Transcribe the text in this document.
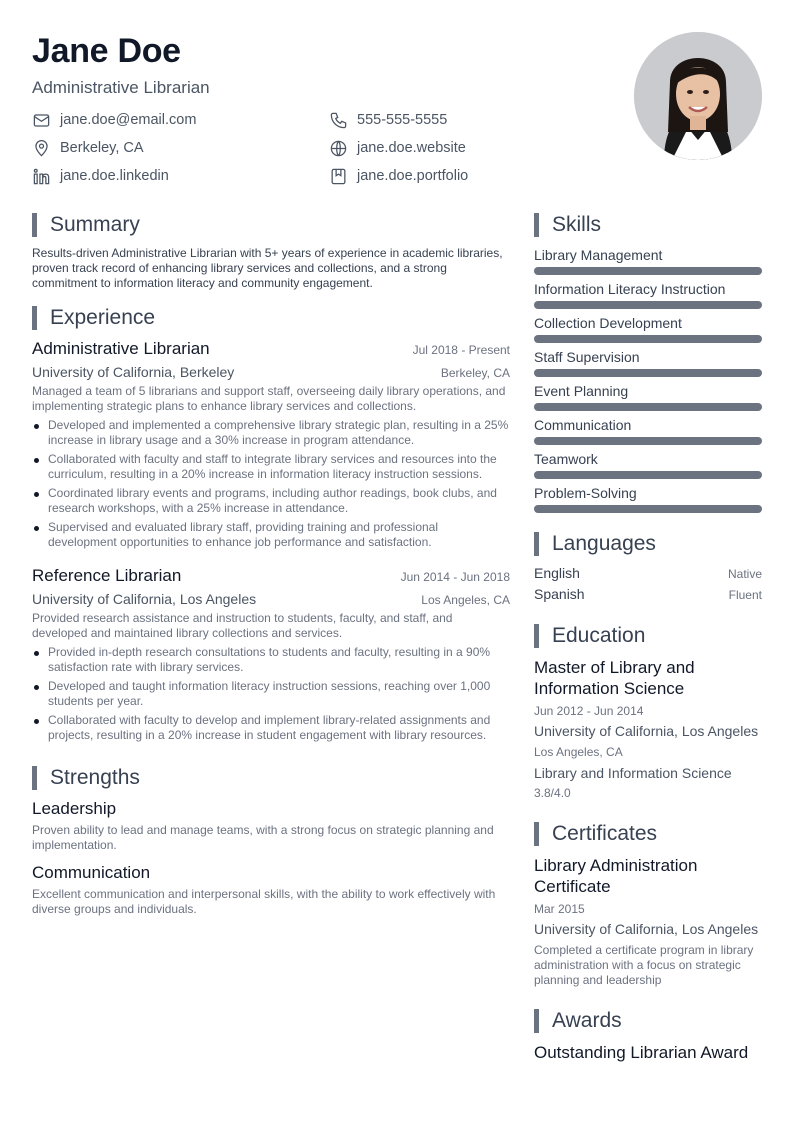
Jane Doe
Administrative Librarian
jane.doe@email.com	555-555-5555
Berkeley, CA	jane.doe.website
jane.doe.linkedin	jane.doe.portfolio
Summary
Results-driven Administrative Librarian with 5+ years of experience in academic libraries, proven track record of enhancing library services and collections, and a strong commitment to information literacy and community engagement.
Experience
Administrative Librarian	Jul 2018 - Present
University of California, Berkeley	Berkeley, CA
Managed a team of 5 librarians and support staff, overseeing daily library operations, and implementing strategic plans to enhance library services and collections.
Developed and implemented a comprehensive library strategic plan, resulting in a 25% increase in library usage and a 30% increase in program attendance.
Collaborated with faculty and staff to integrate library services and resources into the curriculum, resulting in a 20% increase in information literacy instruction sessions.
Coordinated library events and programs, including author readings, book clubs, and research workshops, with a 25% increase in attendance.
Supervised and evaluated library staff, providing training and professional development opportunities to enhance job performance and satisfaction.
Reference Librarian	Jun 2014 - Jun 2018
University of California, Los Angeles	Los Angeles, CA
Provided research assistance and instruction to students, faculty, and staff, and developed and maintained library collections and services.
Provided in-depth research consultations to students and faculty, resulting in a 90% satisfaction rate with library services.
Developed and taught information literacy instruction sessions, reaching over 1,000 students per year.
Collaborated with faculty to develop and implement library-related assignments and projects, resulting in a 20% increase in student engagement with library resources.
Strengths
Leadership
Proven ability to lead and manage teams, with a strong focus on strategic planning and implementation.
Communication
Excellent communication and interpersonal skills, with the ability to work effectively with diverse groups and individuals.
Skills
Library Management
Information Literacy Instruction
Collection Development
Staff Supervision
Event Planning
Communication
Teamwork
Problem-Solving
Languages
English	Native
Spanish	Fluent
Education
Master of Library and Information Science
Jun 2012 - Jun 2014
University of California, Los Angeles
Los Angeles, CA
Library and Information Science
3.8/4.0
Certificates
Library Administration Certificate
Mar 2015
University of California, Los Angeles
Completed a certificate program in library administration with a focus on strategic planning and leadership
Awards
Outstanding Librarian Award
